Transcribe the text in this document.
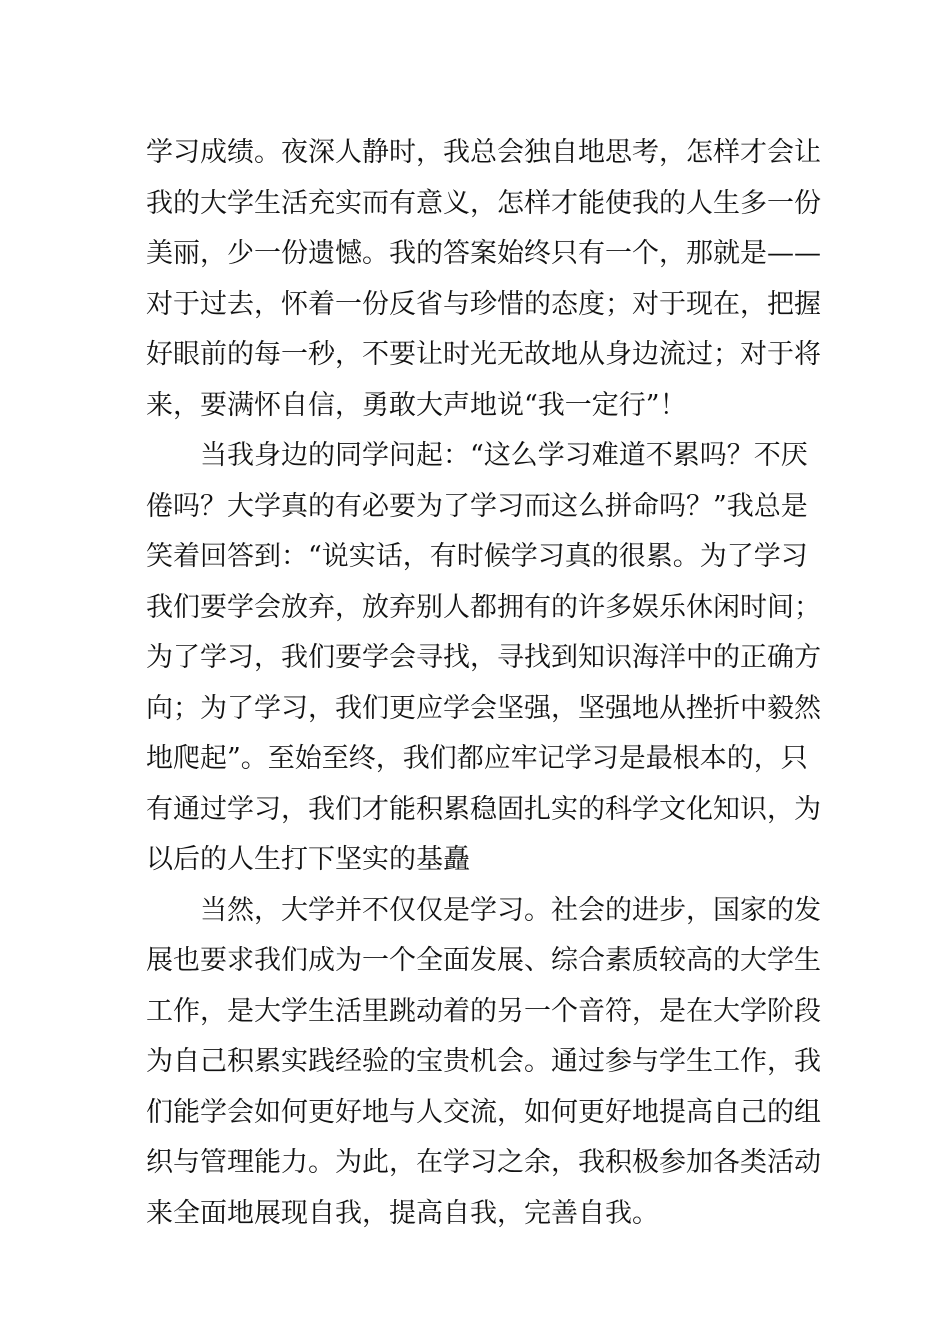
学习成绩。夜深人静时，我总会独自地思考，怎样才会让
我的大学生活充实而有意义，怎样才能使我的人生多一份
美丽，少一份遗憾。我的答案始终只有一个，那就是——
对于过去，怀着一份反省与珍惜的态度；对于现在，把握
好眼前的每一秒，不要让时光无故地从身边流过；对于将
来，要满怀自信，勇敢大声地说“我一定行”！
当我身边的同学问起：“这么学习难道不累吗？不厌
倦吗？大学真的有必要为了学习而这么拼命吗？”我总是
笑着回答到：“说实话，有时候学习真的很累。为了学习
我们要学会放弃，放弃别人都拥有的许多娱乐休闲时间；
为了学习，我们要学会寻找，寻找到知识海洋中的正确方
向；为了学习，我们更应学会坚强，坚强地从挫折中毅然
地爬起”。至始至终，我们都应牢记学习是最根本的，只
有通过学习，我们才能积累稳固扎实的科学文化知识，为
以后的人生打下坚实的基矗
当然，大学并不仅仅是学习。社会的进步，国家的发
展也要求我们成为一个全面发展、综合素质较高的大学生
工作，是大学生活里跳动着的另一个音符，是在大学阶段
为自己积累实践经验的宝贵机会。通过参与学生工作，我
们能学会如何更好地与人交流，如何更好地提高自己的组
织与管理能力。为此，在学习之余，我积极参加各类活动
来全面地展现自我，提高自我，完善自我。
